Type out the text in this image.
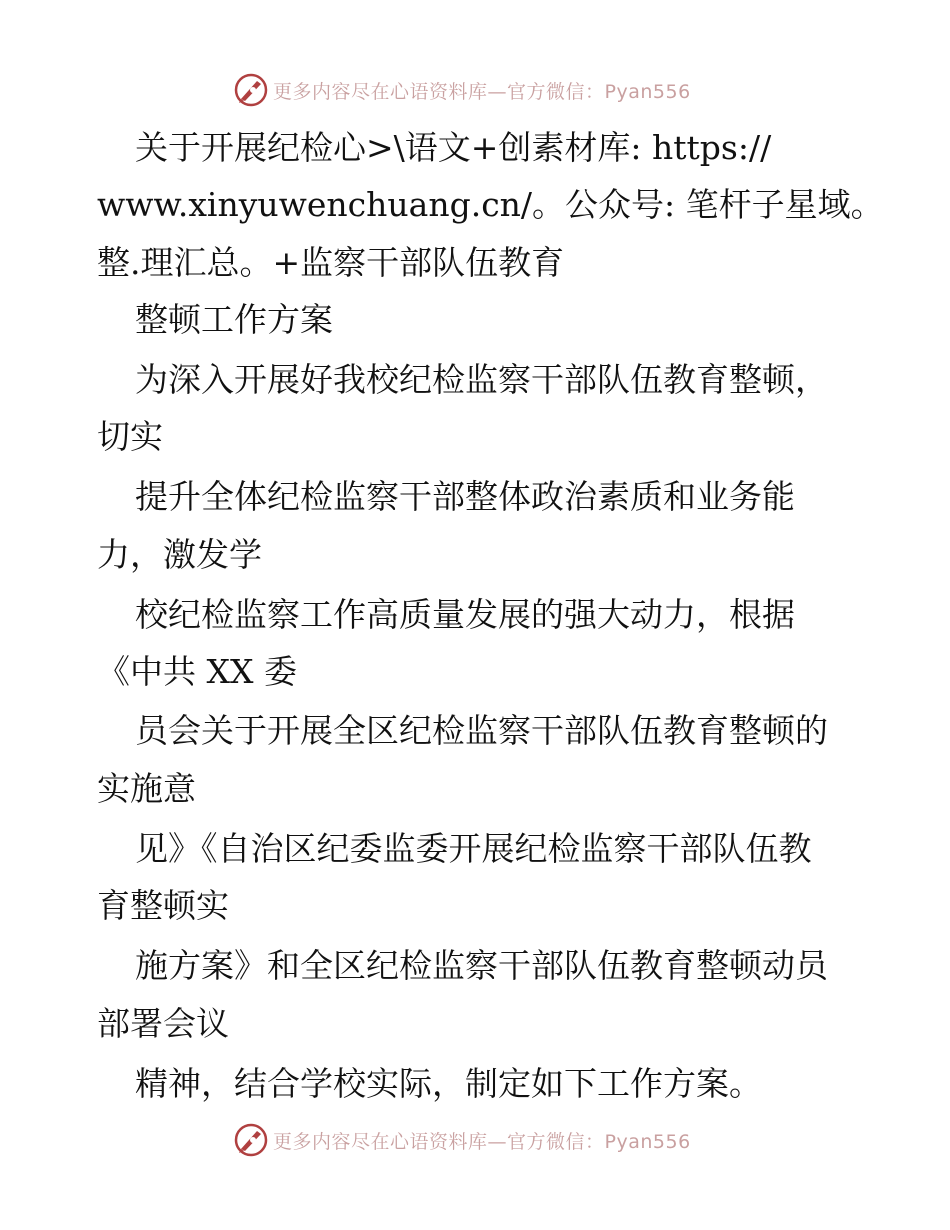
更多内容尽在心语资料库—官方微信：Pyan556
关于开展纪检心>\语文+创素材库: https://
www.xinyuwenchuang.cn/。公众号: 笔杆子星域。
整.理汇总。+监察干部队伍教育
整顿工作方案
为深入开展好我校纪检监察干部队伍教育整顿，
切实
提升全体纪检监察干部整体政治素质和业务能
力，激发学
校纪检监察工作高质量发展的强大动力，根据
《中共 XX 委
员会关于开展全区纪检监察干部队伍教育整顿的
实施意
见》《自治区纪委监委开展纪检监察干部队伍教
育整顿实
施方案》和全区纪检监察干部队伍教育整顿动员
部署会议
精神，结合学校实际，制定如下工作方案。
更多内容尽在心语资料库—官方微信：Pyan556
